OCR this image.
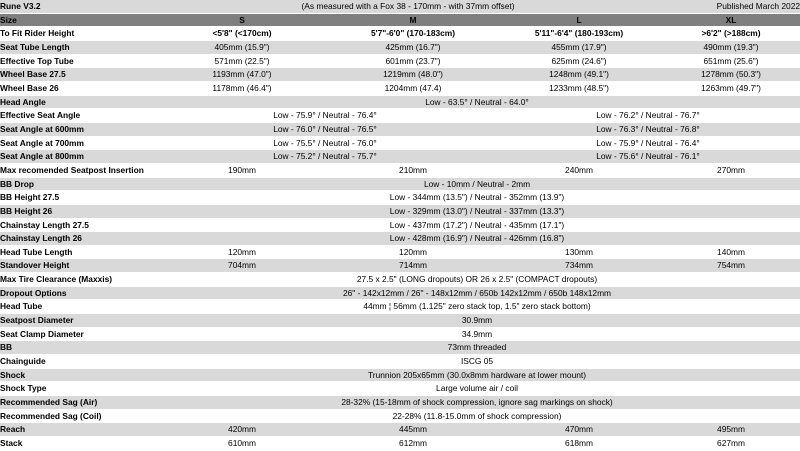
Rune V3.2	(As measured with a Fox 38 - 170mm - with 37mm offset)			Published March 2022
Size	S	M	L	XL
To Fit Rider Height	<5'8" (<170cm)	5'7"-6'0" (170-183cm)	5'11"-6'4" (180-193cm)	>6'2" (>188cm)
Seat Tube Length	405mm (15.9")	425mm (16.7")	455mm (17.9")	490mm (19.3")
Effective Top Tube	571mm (22.5")	601mm (23.7")	625mm (24.6")	651mm (25.6")
Wheel Base 27.5	1193mm (47.0")	1219mm (48.0")	1248mm (49.1")	1278mm (50.3")
Wheel Base 26	1178mm (46.4")	1204mm (47.4)	1233mm (48.5")	1263mm (49.7")
Head Angle	Low - 63.5° / Neutral - 64.0°			
Effective Seat Angle	Low - 75.9° / Neutral - 76.4°		Low - 76.2° / Neutral - 76.7°	
Seat Angle at 600mm	Low - 76.0° / Neutral - 76.5°		Low - 76.3° / Neutral - 76.8°	
Seat Angle at 700mm	Low - 75.5° / Neutral - 76.0°		Low - 75.9° / Neutral - 76.4°	
Seat Angle at 800mm	Low - 75.2° / Neutral - 75.7°		Low - 75.6° / Neutral - 76.1°	
Max recomended Seatpost Insertion	190mm	210mm	240mm	270mm
BB Drop	Low - 10mm / Neutral - 2mm			
BB Height 27.5	Low - 344mm (13.5") / Neutral - 352mm (13.9")			
BB Height 26	Low - 329mm (13.0") / Neutral - 337mm (13.3")			
Chainstay Length 27.5	Low - 437mm (17.2") / Neutral - 435mm (17.1")			
Chainstay Length 26	Low - 428mm (16.9") / Neutral - 426mm (16.8")			
Head Tube Length	120mm	120mm	130mm	140mm
Standover Height	704mm	714mm	734mm	754mm
Max Tire Clearance (Maxxis)	27.5 x 2.5" (LONG dropouts) OR 26 x 2.5" (COMPACT dropouts)			
Dropout Options	26" - 142x12mm / 26" - 148x12mm / 650b 142x12mm / 650b 148x12mm			
Head Tube	44mm ¦ 56mm (1.125" zero stack top, 1.5" zero stack bottom)			
Seatpost Diameter	30.9mm			
Seat Clamp Diameter	34.9mm			
BB	73mm threaded			
Chainguide	ISCG 05			
Shock	Trunnion 205x65mm (30.0x8mm hardware at lower mount)			
Shock Type	Large volume air / coil			
Recommended Sag (Air)	28-32% (15-18mm of shock compression, ignore sag markings on shock)			
Recommended Sag (Coil)	22-28% (11.8-15.0mm of shock compression)			
Reach	420mm	445mm	470mm	495mm
Stack	610mm	612mm	618mm	627mm
